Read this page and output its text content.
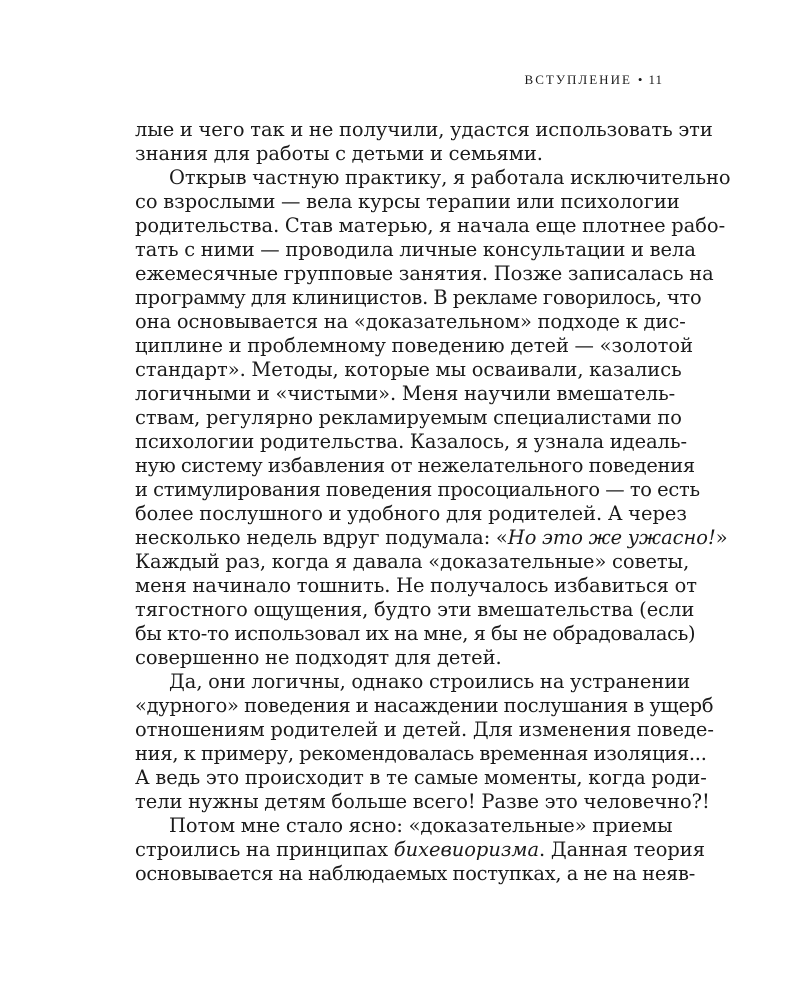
ВСТУПЛЕНИЕ • 11
лые и чего так и не получили, удастся использовать эти
знания для работы с детьми и семьями.
Открыв частную практику, я работала исключительно
со взрослыми — вела курсы терапии или психологии
родительства. Став матерью, я начала еще плотнее рабо-
тать с ними — проводила личные консультации и вела
ежемесячные групповые занятия. Позже записалась на
программу для клиницистов. В рекламе говорилось, что
она основывается на «доказательном» подходе к дис-
циплине и проблемному поведению детей — «золотой
стандарт». Методы, которые мы осваивали, казались
логичными и «чистыми». Меня научили вмешатель-
ствам, регулярно рекламируемым специалистами по
психологии родительства. Казалось, я узнала идеаль-
ную систему избавления от нежелательного поведения
и стимулирования поведения просоциального — то есть
более послушного и удобного для родителей. А через
несколько недель вдруг подумала: «Но это же ужасно!»
Каждый раз, когда я давала «доказательные» советы,
меня начинало тошнить. Не получалось избавиться от
тягостного ощущения, будто эти вмешательства (если
бы кто-то использовал их на мне, я бы не обрадовалась)
совершенно не подходят для детей.
Да, они логичны, однако строились на устранении
«дурного» поведения и насаждении послушания в ущерб
отношениям родителей и детей. Для изменения поведе-
ния, к примеру, рекомендовалась временная изоляция...
А ведь это происходит в те самые моменты, когда роди-
тели нужны детям больше всего! Разве это человечно?!
Потом мне стало ясно: «доказательные» приемы
строились на принципах бихевиоризма. Данная теория
основывается на наблюдаемых поступках, а не на неяв-
